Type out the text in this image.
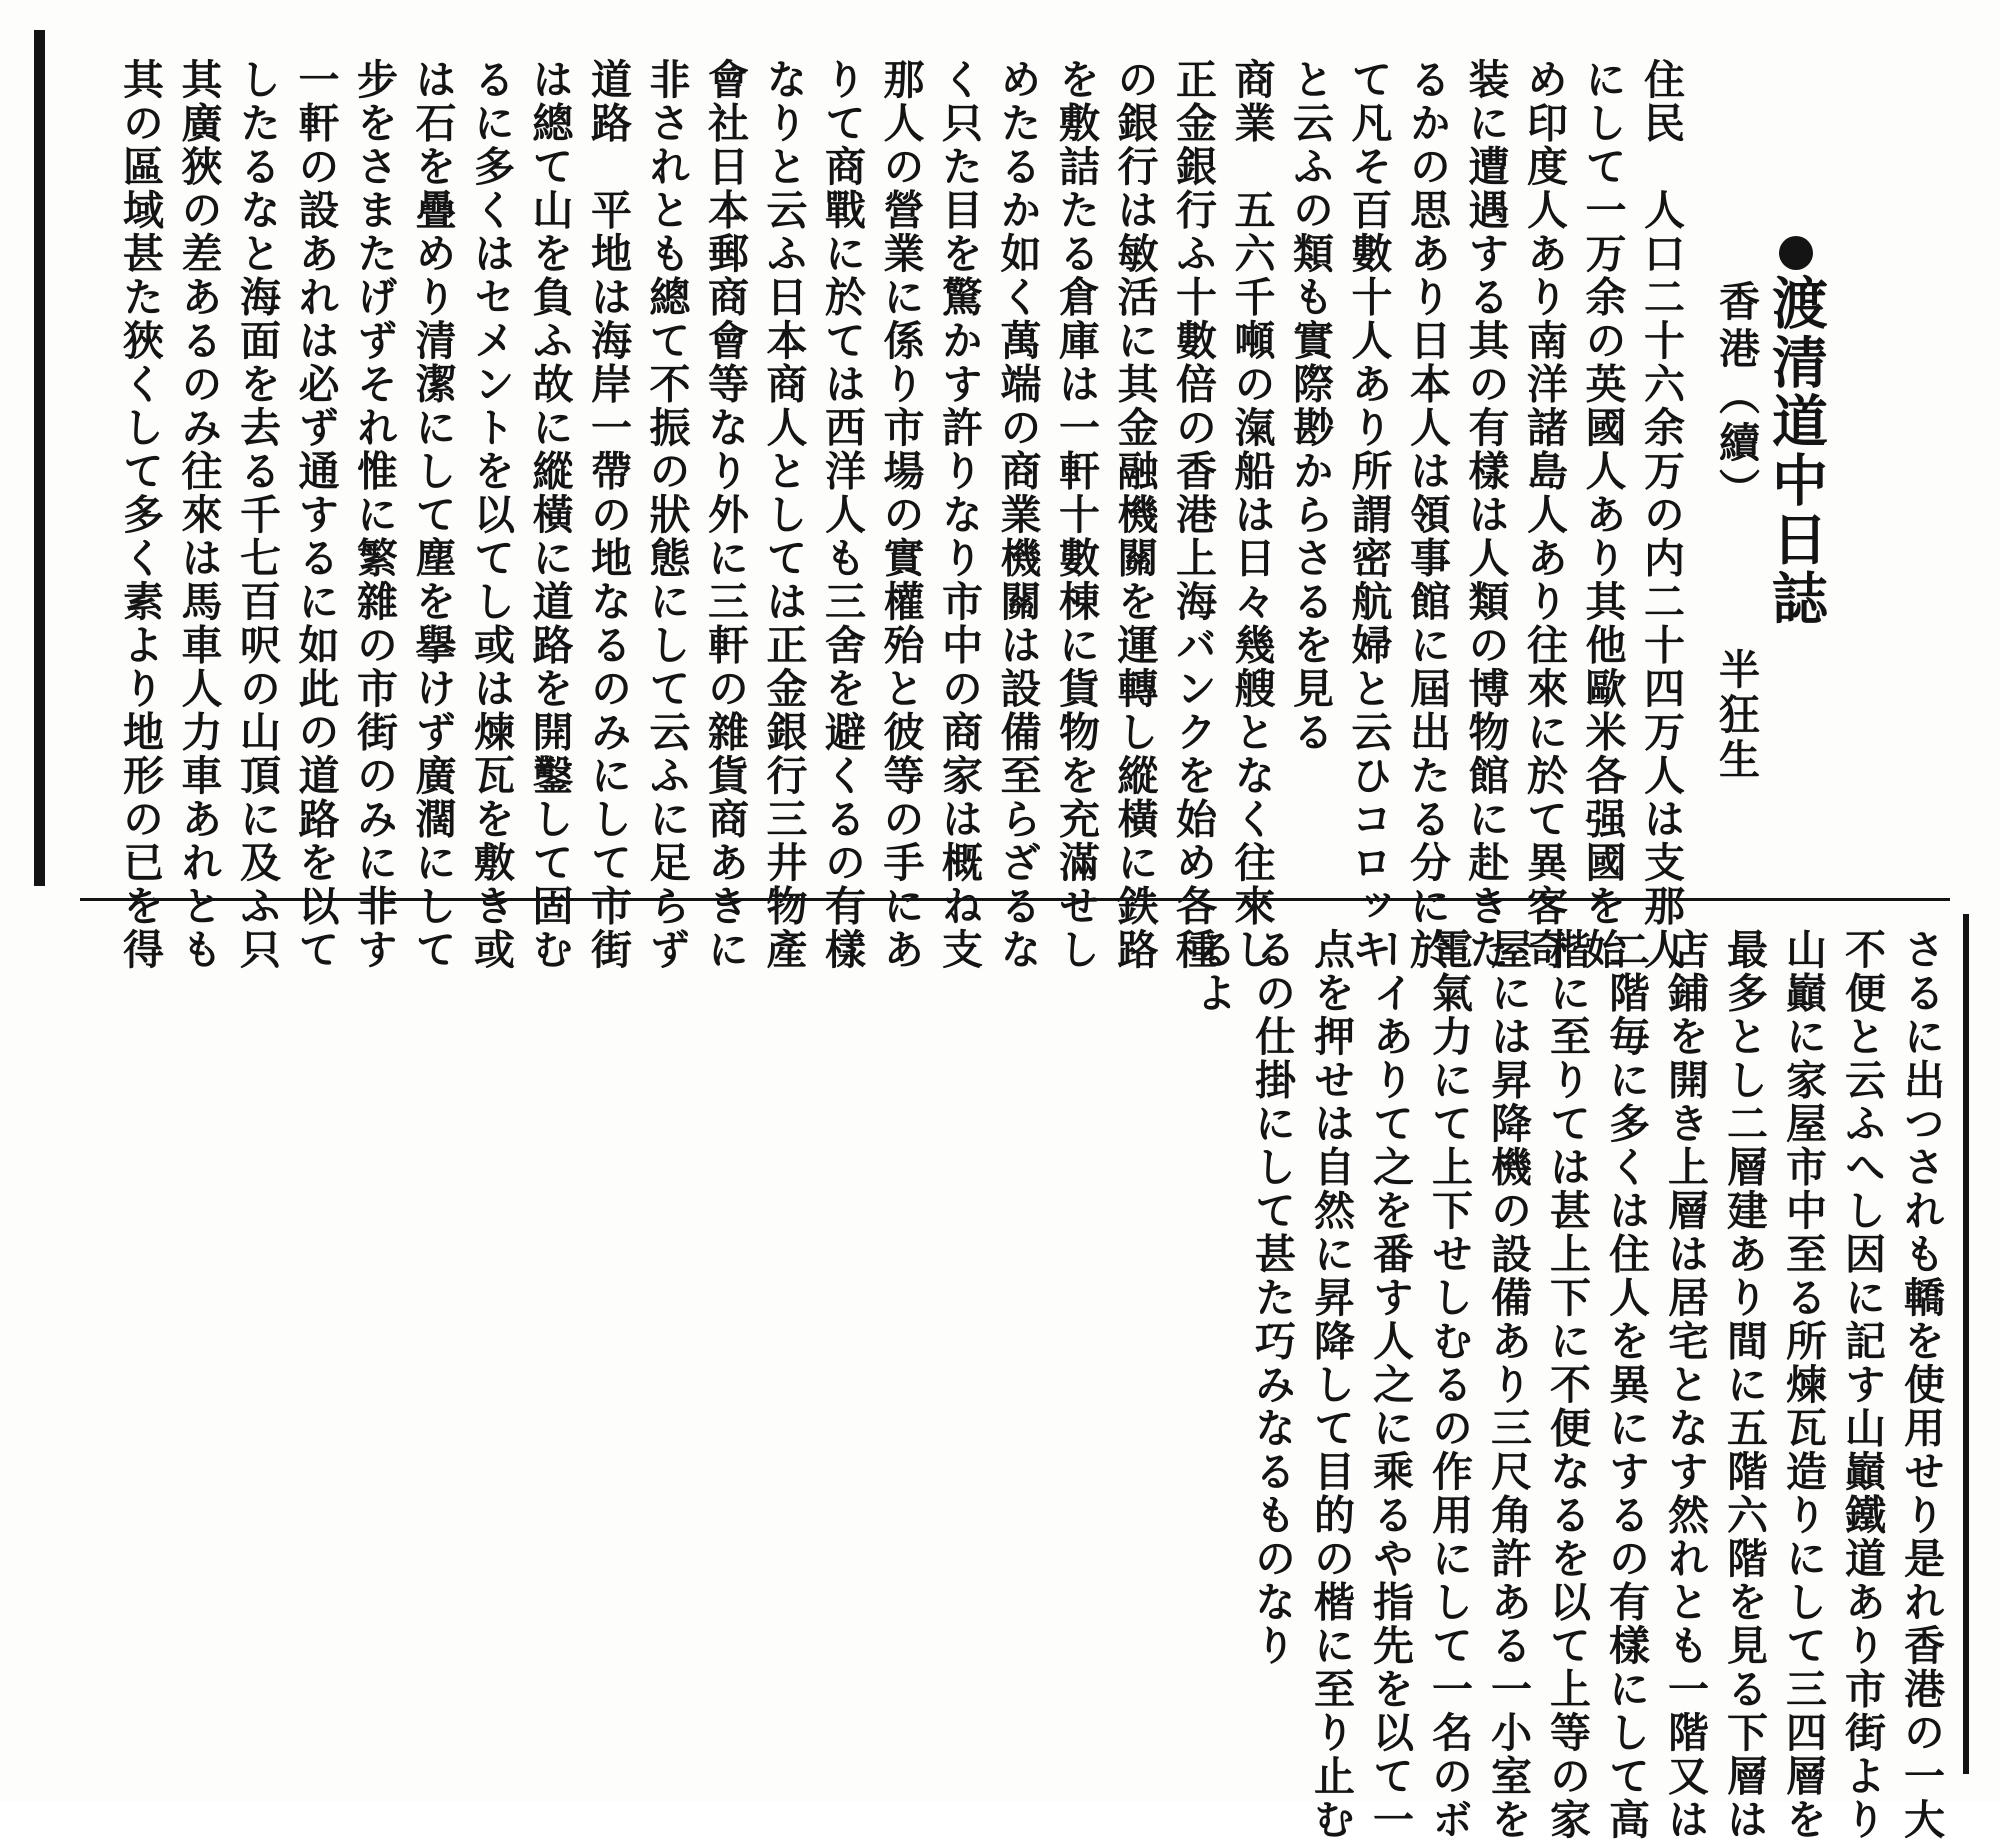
渡清道中日誌
香港（續）
半狂生
住民　人口二十六余万の内二十四万人は支那人
にして一万余の英國人あり其他歐米各强國を始
め印度人あり南洋諸島人あり往來に於て異客奇
装に遭遇する其の有樣は人類の博物館に赴きた
るかの思あり日本人は領事館に屆出たる分に於
て凡そ百數十人あり所謂密航婦と云ひコロッキ
と云ふの類も實際尠からさるを見る
商業　五六千噸の滊船は日々幾艘となく往來し
正金銀行ふ十數倍の香港上海バンクを始め各種
の銀行は敏活に其金融機關を運轉し縱橫に鉄路
を敷詰たる倉庫は一軒十數棟に貨物を充滿せし
めたるか如く萬端の商業機關は設備至らざるな
く只た目を驚かす許りなり市中の商家は概ね支
那人の營業に係り市場の實權殆と彼等の手にあ
りて商戰に於ては西洋人も三舍を避くるの有樣
なりと云ふ日本商人としては正金銀行三井物產
會社日本郵商會等なり外に三軒の雜貨商あきに
非されとも總て不振の狀態にして云ふに足らず
道路　平地は海岸一帶の地なるのみにして市街
は總て山を負ふ故に縱橫に道路を開鑿して固む
るに多くはセメントを以てし或は煉瓦を敷き或
は石を疊めり清潔にして塵を擧けず廣濶にして
步をさまたげずそれ惟に繁雜の市街のみに非す
一軒の設あれは必ず通するに如此の道路を以て
したるなと海面を去る千七百呎の山頂に及ふ只
其廣狹の差あるのみ往來は馬車人力車あれとも
其の區域甚た狹くして多く素より地形の已を得
さるに出つされも轎を使用せり是れ香港の一大
不便と云ふへし因に記す山巓鐵道あり市街より
山巓に家屋市中至る所煉瓦造りにして三四層を
最多とし二層建あり間に五階六階を見る下層は
店鋪を開き上層は居宅となす然れとも一階又は
二階毎に多くは住人を異にするの有樣にして高
楷に至りては甚上下に不便なるを以て上等の家
屋には昇降機の設備あり三尺角許ある一小室を
電氣力にて上下せしむるの作用にして一名のボ
ーイありて之を番す人之に乘るや指先を以て一
点を押せは自然に昇降して目的の楷に至り止む
るの仕掛にして甚た巧みなるものなり
るよ
